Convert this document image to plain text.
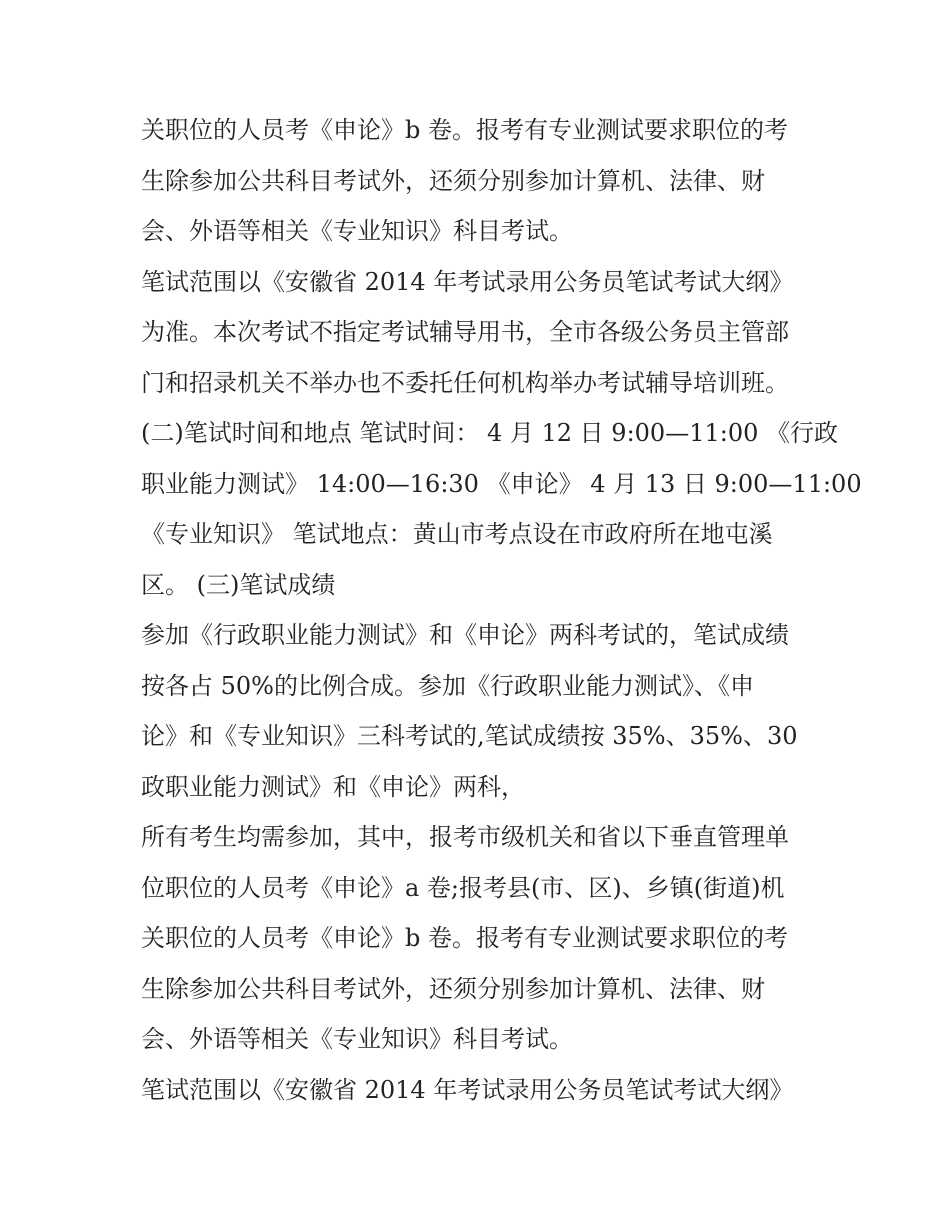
关职位的人员考《申论》b 卷。报考有专业测试要求职位的考
生除参加公共科目考试外，还须分别参加计算机、法律、财
会、外语等相关《专业知识》科目考试。
笔试范围以《安徽省 2014 年考试录用公务员笔试考试大纲》
为准。本次考试不指定考试辅导用书，全市各级公务员主管部
门和招录机关不举办也不委托任何机构举办考试辅导培训班。
(二)笔试时间和地点 笔试时间： 4 月 12 日 9:00—11:00 《行政
职业能力测试》 14:00—16:30 《申论》 4 月 13 日 9:00—11:00
《专业知识》 笔试地点：黄山市考点设在市政府所在地屯溪
区。 (三)笔试成绩
参加《行政职业能力测试》和《申论》两科考试的，笔试成绩
按各占 50%的比例合成。参加《行政职业能力测试》、《申
论》和《专业知识》三科考试的,笔试成绩按 35%、35%、30
政职业能力测试》和《申论》两科，
所有考生均需参加，其中，报考市级机关和省以下垂直管理单
位职位的人员考《申论》a 卷;报考县(市、区)、乡镇(街道)机
关职位的人员考《申论》b 卷。报考有专业测试要求职位的考
生除参加公共科目考试外，还须分别参加计算机、法律、财
会、外语等相关《专业知识》科目考试。
笔试范围以《安徽省 2014 年考试录用公务员笔试考试大纲》
